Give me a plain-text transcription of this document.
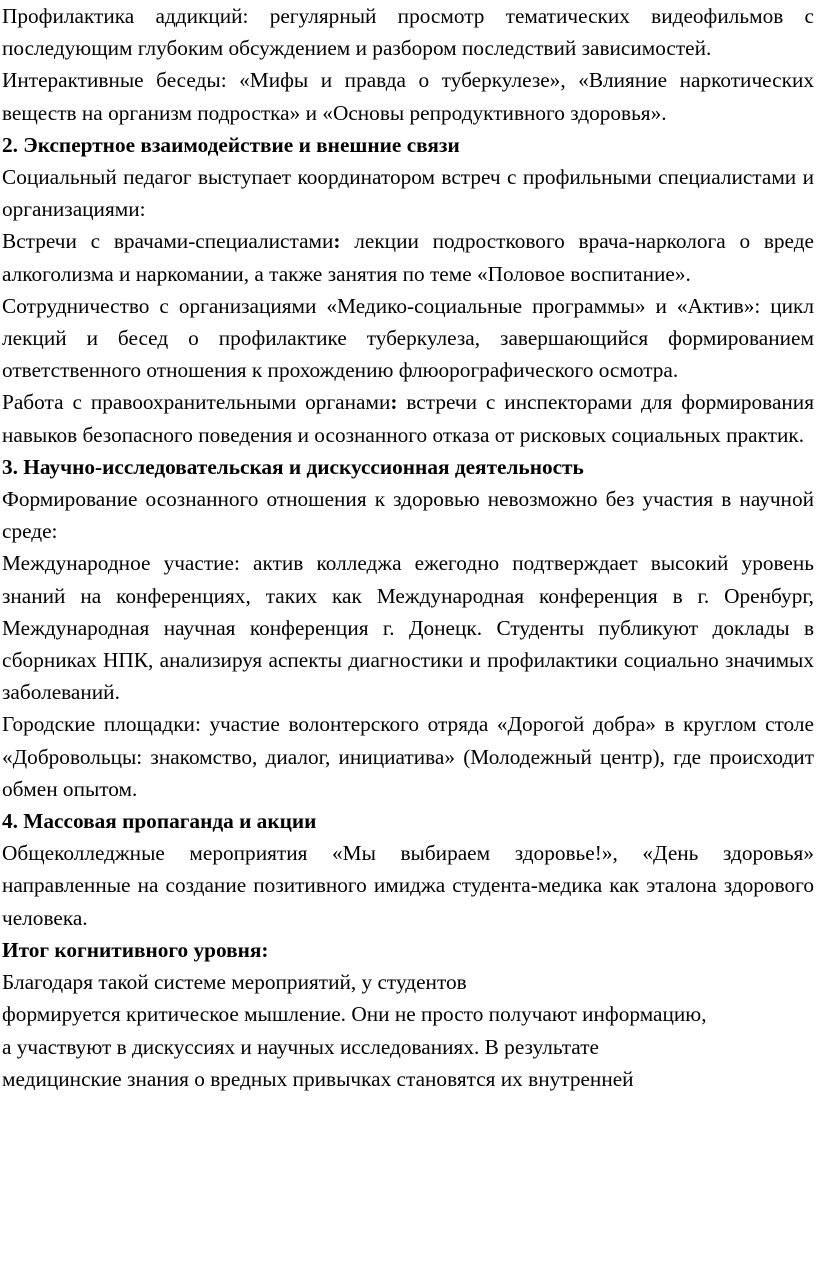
Профилактика аддикций: регулярный просмотр тематических видеофильмов с последующим глубоким обсуждением и разбором последствий зависимостей.

Интерактивные беседы: «Мифы и правда о туберкулезе», «Влияние наркотических веществ на организм подростка» и «Основы репродуктивного здоровья».

2. Экспертное взаимодействие и внешние связи

Социальный педагог выступает координатором встреч с профильными специалистами и организациями:

Встречи с врачами-специалистами: лекции подросткового врача-нарколога о вреде алкоголизма и наркомании, а также занятия по теме «Половое воспитание».

Сотрудничество с организациями «Медико-социальные программы» и «Актив»: цикл лекций и бесед о профилактике туберкулеза, завершающийся формированием ответственного отношения к прохождению флюорографического осмотра.

Работа с правоохранительными органами: встречи с инспекторами для формирования навыков безопасного поведения и осознанного отказа от рисковых социальных практик.

3. Научно-исследовательская и дискуссионная деятельность

Формирование осознанного отношения к здоровью невозможно без участия в научной среде:

Международное участие: актив колледжа ежегодно подтверждает высокий уровень знаний на конференциях, таких как Международная конференция в г. Оренбург, Международная научная конференция г. Донецк. Студенты публикуют доклады в сборниках НПК, анализируя аспекты диагностики и профилактики социально значимых заболеваний.

Городские площадки: участие волонтерского отряда «Дорогой добра» в круглом столе «Добровольцы: знакомство, диалог, инициатива» (Молодежный центр), где происходит обмен опытом.

4. Массовая пропаганда и акции

Общеколледжные мероприятия «Мы выбираем здоровье!», «День здоровья» направленные на создание позитивного имиджа студента-медика как эталона здорового человека.

Итог когнитивного уровня:

Благодаря такой системе мероприятий, у студентов

формируется критическое мышление. Они не просто получают информацию,

а участвуют в дискуссиях и научных исследованиях. В результате

медицинские знания о вредных привычках становятся их внутренней
